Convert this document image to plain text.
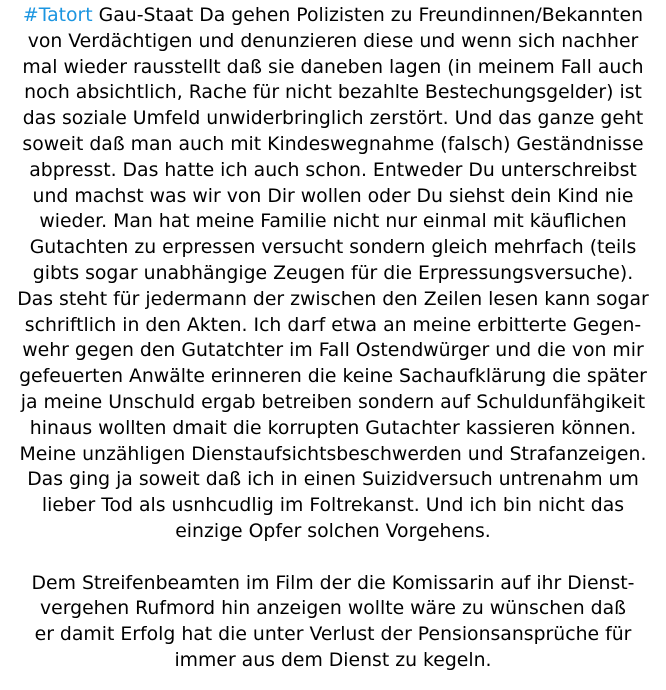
#Tatort Gau-Staat Da gehen Polizisten zu Freundinnen/Bekannten
von Verdächtigen und denunzieren diese und wenn sich nachher
mal wieder rausstellt daß sie daneben lagen (in meinem Fall auch
noch absichtlich, Rache für nicht bezahlte Bestechungsgelder) ist
das soziale Umfeld unwiderbringlich zerstört. Und das ganze geht
soweit daß man auch mit Kindeswegnahme (falsch) Geständnisse
abpresst. Das hatte ich auch schon. Entweder Du unterschreibst
und machst was wir von Dir wollen oder Du siehst dein Kind nie
wieder. Man hat meine Familie nicht nur einmal mit käuflichen
Gutachten zu erpressen versucht sondern gleich mehrfach (teils
gibts sogar unabhängige Zeugen für die Erpressungsversuche).
Das steht für jedermann der zwischen den Zeilen lesen kann sogar
schriftlich in den Akten. Ich darf etwa an meine erbitterte Gegen-
wehr gegen den Gutatchter im Fall Ostendwürger und die von mir
gefeuerten Anwälte erinneren die keine Sachaufklärung die später
ja meine Unschuld ergab betreiben sondern auf Schuldunfähgikeit
hinaus wollten dmait die korrupten Gutachter kassieren können.
Meine unzähligen Dienstaufsichtsbeschwerden und Strafanzeigen.
Das ging ja soweit daß ich in einen Suizidversuch untrenahm um
lieber Tod als usnhcudlig im Foltrekanst. Und ich bin nicht das
einzige Opfer solchen Vorgehens.
Dem Streifenbeamten im Film der die Komissarin auf ihr Dienst-
vergehen Rufmord hin anzeigen wollte wäre zu wünschen daß
er damit Erfolg hat die unter Verlust der Pensionsansprüche für
immer aus dem Dienst zu kegeln.
